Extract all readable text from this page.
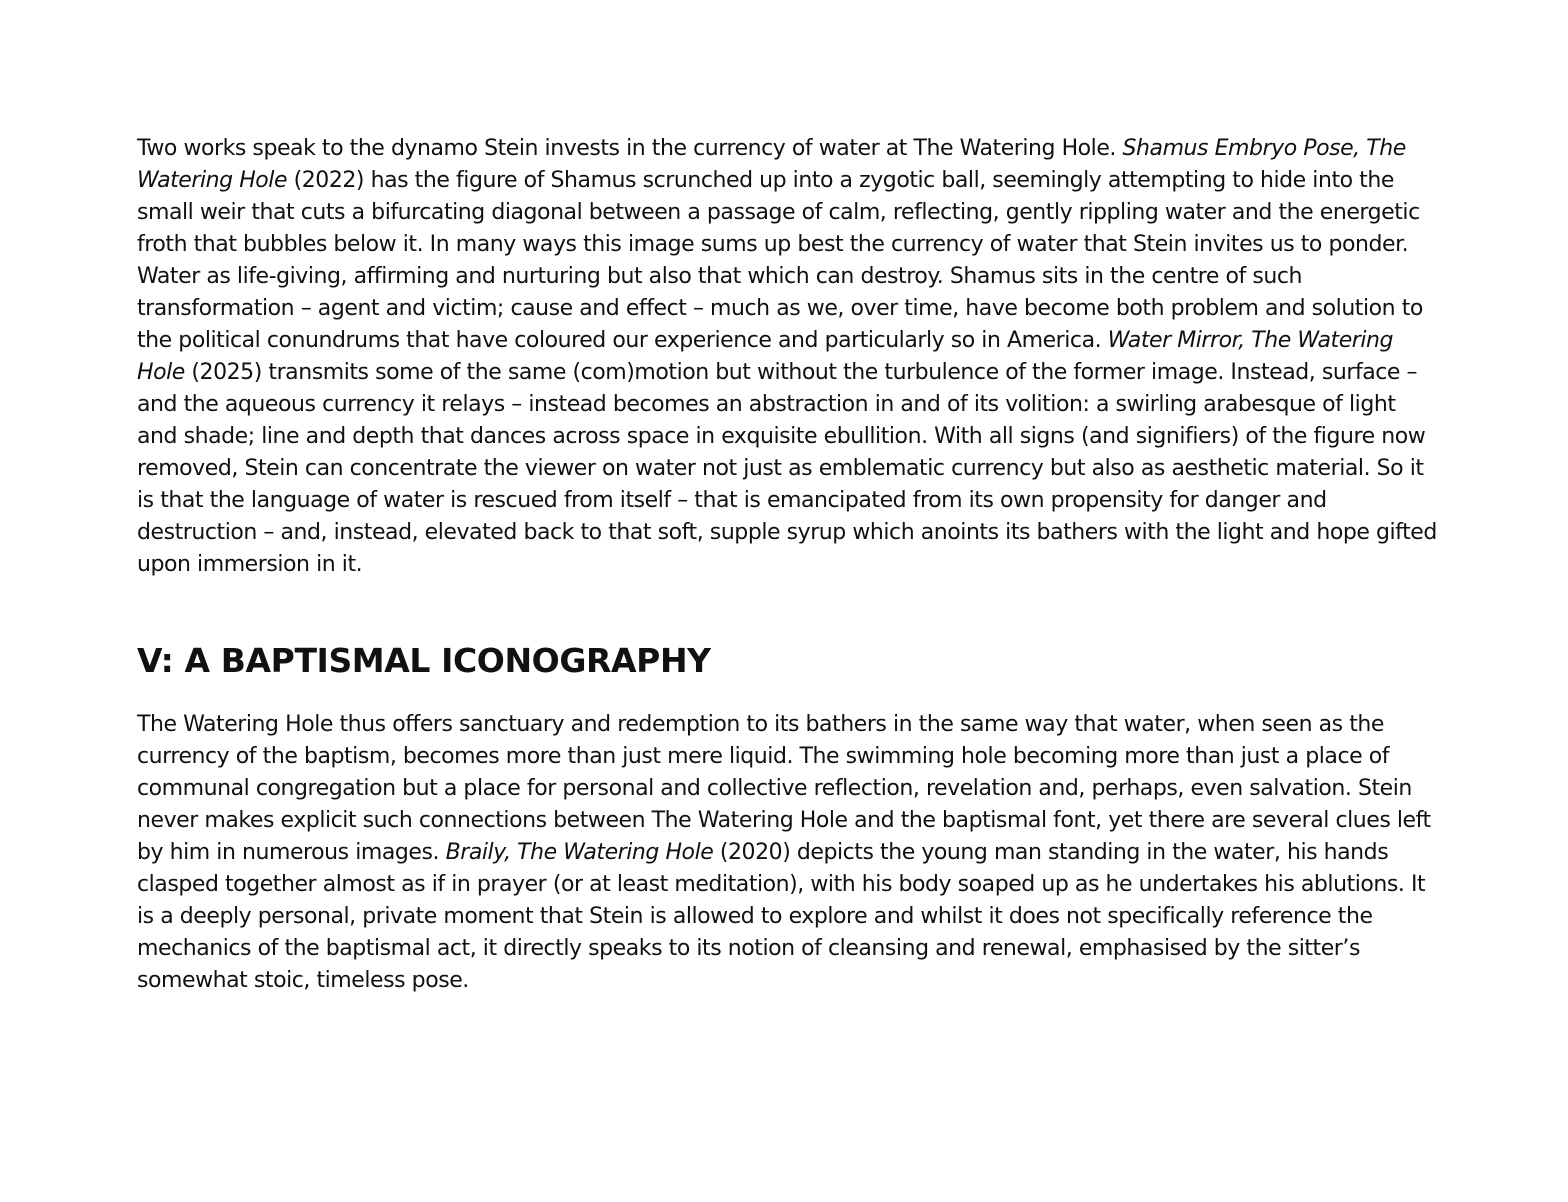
Two works speak to the dynamo Stein invests in the currency of water at The Watering Hole. Shamus Embryo Pose, The Watering Hole (2022) has the figure of Shamus scrunched up into a zygotic ball, seemingly attempting to hide into the small weir that cuts a bifurcating diagonal between a passage of calm, reflecting, gently rippling water and the energetic froth that bubbles below it. In many ways this image sums up best the currency of water that Stein invites us to ponder. Water as life-giving, affirming and nurturing but also that which can destroy. Shamus sits in the centre of such transformation – agent and victim; cause and effect – much as we, over time, have become both problem and solution to the political conundrums that have coloured our experience and particularly so in America. Water Mirror, The Watering Hole (2025) transmits some of the same (com)motion but without the turbulence of the former image. Instead, surface – and the aqueous currency it relays – instead becomes an abstraction in and of its volition: a swirling arabesque of light and shade; line and depth that dances across space in exquisite ebullition. With all signs (and signifiers) of the figure now removed, Stein can concentrate the viewer on water not just as emblematic currency but also as aesthetic material. So it is that the language of water is rescued from itself – that is emancipated from its own propensity for danger and destruction – and, instead, elevated back to that soft, supple syrup which anoints its bathers with the light and hope gifted upon immersion in it.

V: A BAPTISMAL ICONOGRAPHY

The Watering Hole thus offers sanctuary and redemption to its bathers in the same way that water, when seen as the currency of the baptism, becomes more than just mere liquid. The swimming hole becoming more than just a place of communal congregation but a place for personal and collective reflection, revelation and, perhaps, even salvation. Stein never makes explicit such connections between The Watering Hole and the baptismal font, yet there are several clues left by him in numerous images. Braily, The Watering Hole (2020) depicts the young man standing in the water, his hands clasped together almost as if in prayer (or at least meditation), with his body soaped up as he undertakes his ablutions. It is a deeply personal, private moment that Stein is allowed to explore and whilst it does not specifically reference the mechanics of the baptismal act, it directly speaks to its notion of cleansing and renewal, emphasised by the sitter’s somewhat stoic, timeless pose.
